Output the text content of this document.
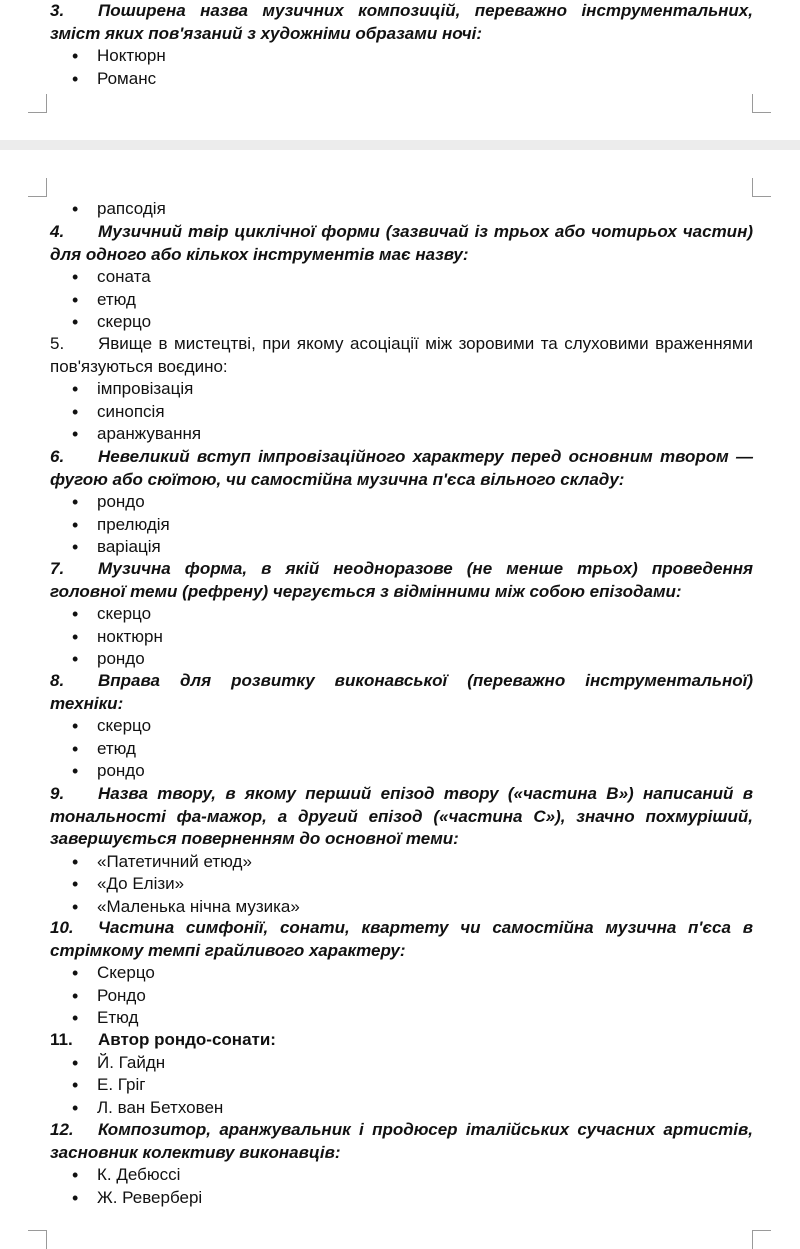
3. Поширена назва музичних композицій, переважно інструментальних, зміст яких пов'язаний з художніми образами ночі:
• Ноктюрн
• Романс
• рапсодія
4. Музичний твір циклічної форми (зазвичай із трьох або чотирьох частин) для одного або кількох інструментів має назву:
• соната
• етюд
• скерцо
5. Явище в мистецтві, при якому асоціації між зоровими та слуховими враженнями пов'язуються воєдино:
• імпровізація
• синопсія
• аранжування
6. Невеликий вступ імпровізаційного характеру перед основним твором — фугою або сюїтою, чи самостійна музична п'єса вільного складу:
• рондо
• прелюдія
• варіація
7. Музична форма, в якій неодноразове (не менше трьох) проведення головної теми (рефрену) чергується з відмінними між собою епізодами:
• скерцо
• ноктюрн
• рондо
8. Вправа для розвитку виконавської (переважно інструментальної) техніки:
• скерцо
• етюд
• рондо
9. Назва твору, в якому перший епізод твору («частина В») написаний в тональності фа-мажор, а другий епізод («частина С»), значно похмуріший, завершується поверненням до основної теми:
• «Патетичний етюд»
• «До Елізи»
• «Маленька нічна музика»
10. Частина симфонії, сонати, квартету чи самостійна музична п'єса в стрімкому темпі грайливого характеру:
• Скерцо
• Рондо
• Етюд
11. Автор рондо-сонати:
• Й. Гайдн
• Е. Гріг
• Л. ван Бетховен
12. Композитор, аранжувальник і продюсер італійських сучасних артистів, засновник колективу виконавців:
• К. Дебюссі
• Ж. Ревербері
